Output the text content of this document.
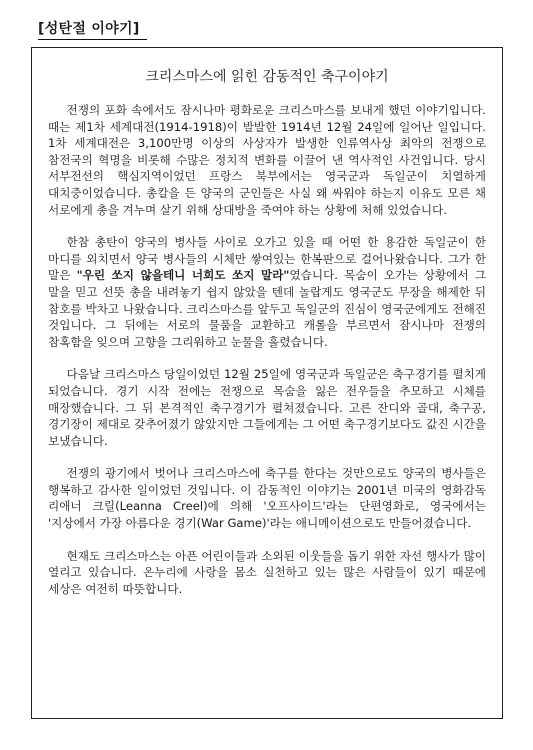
[성탄절 이야기]
크리스마스에 읽힌 감동적인 축구이야기

전쟁의 포화 속에서도 잠시나마 평화로운 크리스마스를 보내게 했던 이야기입니다. 때는 제1차 세계대전(1914-1918)이 발발한 1914년 12월 24일에 일어난 일입니다. 1차 세계대전은 3,100만명 이상의 사상자가 발생한 인류역사상 최악의 전쟁으로 참전국의 혁명을 비롯해 수많은 정치적 변화를 이끌어 낸 역사적인 사건입니다. 당시 서부전선의 핵심지역이었던 프랑스 북부에서는 영국군과 독일군이 치열하게 대치중이었습니다. 총칼을 든 양국의 군인들은 사실 왜 싸워야 하는지 이유도 모른 채 서로에게 총을 겨누며 살기 위해 상대방을 죽여야 하는 상황에 처해 있었습니다.

한참 총탄이 양국의 병사들 사이로 오가고 있을 때 어떤 한 용감한 독일군이 한 마디를 외치면서 양국 병사들의 시체만 쌓여있는 한복판으로 걸어나왔습니다. 그가 한 말은 "우린 쏘지 않을테니 너희도 쏘지 말라"였습니다. 목숨이 오가는 상황에서 그 말을 믿고 선뜻 총을 내려놓기 쉽지 않았을 텐데 놀랍게도 영국군도 무장을 해제한 뒤 참호를 박차고 나왔습니다. 크리스마스를 앞두고 독일군의 진심이 영국군에게도 전해진 것입니다. 그 뒤에는 서로의 물품을 교환하고 캐롤을 부르면서 잠시나마 전쟁의 참혹함을 잊으며 고향을 그리워하고 눈물을 흘렸습니다.

다음날 크리스마스 당일이었던 12월 25일에 영국군과 독일군은 축구경기를 펼치게 되었습니다. 경기 시작 전에는 전쟁으로 목숨을 잃은 전우들을 추모하고 시체를 매장했습니다. 그 뒤 본격적인 축구경기가 펼쳐졌습니다. 고른 잔디와 골대, 축구공, 경기장이 제대로 갖추어졌기 않았지만 그들에게는 그 어떤 축구경기보다도 값진 시간을 보냈습니다.

전쟁의 광기에서 벗어나 크리스마스에 축구를 한다는 것만으로도 양국의 병사들은 행복하고 감사한 일이었던 것입니다. 이 감동적인 이야기는 2001년 미국의 영화감독 리애너 크릴(Leanna Creel)에 의해 '오프사이드'라는 단편영화로, 영국에서는 '지상에서 가장 아름다운 경기(War Game)'라는 애니메이션으로도 만들어졌습니다.

현재도 크리스마스는 아픈 어린이들과 소외된 이웃들을 돕기 위한 자선 행사가 많이 열리고 있습니다. 온누리에 사랑을 몸소 실천하고 있는 많은 사람들이 있기 때문에 세상은 여전히 따뜻합니다.
